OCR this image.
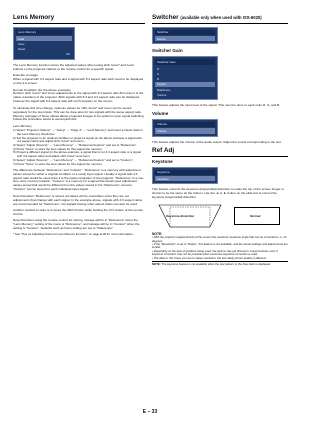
Lens Memory
Lens Memory
Load
Save
Reset
OK
The Lens Memory function stores the adjusted values when using shift, focus* and zoom buttons on the projector cabinet or the remote control for a specific signal.
Example of usage:
When a signal with 4:3 aspect ratio and a signal with 5:4 aspect ratio both need to be displayed on the 4:3 screen.
Normal Condition (for the above example):
Perform shift, focus* and zoom adjustments to the signal with 4:3 aspect ratio first since it is the native resolution of the projector. Both signals with 5:4 and 4:3 aspect ratio can be displayed, however the signal with 5:4 aspect ratio will not fit properly on the screen.
To eliminate this size change, optimum values for shift, focus* and zoom can be stored separately for the two inputs. This can be done also for two signals with the same aspect ratio. Memory (storage) of these values allows projected images to be optimum upon signal switching. Follow the procedure below to accomplish this.
Lens Memory
1) Select "Projector Options" → "Setup" → "Page 4" → "Lens Memory" and insert a check mark in the Lens Memory check box.
2) Set the projector to an original condition or project a signal (in the above example a signal with 4:3 aspect ratio) and adjust shift, focus* and zoom.
3) Select "Adjust (Source)" → "Lens Memory" → "Reference/Custom" and set to "Reference".
4) Press "Store" to store the lens values for this signal into memory.
5) Project a different signal (in the above example, a signal that is not 4:3 aspect ratio or a signal with 4:3 aspect ratio) and adjust shift, focus* and zoom.
6) Select "Adjust (Source)" → "Lens Memory" → "Reference/Custom" and set to "Custom".
7) Press "Store" to store the lens values for this signal into memory.
The difference between "Reference" and "Custom": "Reference" is a memory with adjustment values stored for either a original condition or a newly input signal. Usually a signal with 4:3 aspect ratio would be used since it is the native resolution of the projector. "Reference" is a one-time entry memory location. "Custom" is a memory for a signal that would need adjustment values stored that would be different from the values stored in the "Reference" memory. "Custom" can be stored for each individual input signal.
Note that when "Reference" is stored, all values will be overwritten since they are not adjustments that change with each signal. In the example above, signals with 4:3 aspect ratios are recommended for "Reference", but signals having other aspect ratios can also be used.
Another method to store is to press the INFO button while holding the CTL button of the remote control.
Note that when using the remote control for storing, storage will be in "Reference" when the "Lens Memory" setting of the menu is "Reference", and storage will be in "Custom" when the setting is "Custom". Defaults such as focus setting are set to "Reference".
* See "Tips on Adjusting Focus for Lens Memory Function" on page E-48 for more information.
Switcher (available only when used with ISS-6020)
Switcher
Source
Switcher Gain
Switcher Gain
R
G
B
Screen
Brightness
Volume
This feature adjusts the input level of the signal. This must be done to each color R, G, and B.
Volume
Volume
Volume
This feature adjusts the volume of the audio output. Adjust the sound corresponding to the slot.
Ref Adj
Keystone
Keystone
Keystone
This feature corrects the keystone (trapezoidal) distortion to make the top of the screen longer or shorter to be the same as the bottom. Use the ◄ or ► button on the slide bar to correct the keystone (trapezoidal) distortion.
Keystone distortion	Normal
NOTE:
• With the projector angled directly at the screen the maximum keystone angle that can be corrected is +/- 15 degrees.
• If the "Resolution" is set to "Native", this feature is not available, and the stored settings and adjustments are invalid.
• Depending on the type of graphics being used, the picture may get blurred or unsymmetrical, even if keystone correction may not be possible when excessive keystone correction is used.
• The data is, the closer you are to native resolution, the less likely picture quality is affected.
NOTE: The keystone feature is not available when the test pattern or the blue back is displayed.
E – 33
